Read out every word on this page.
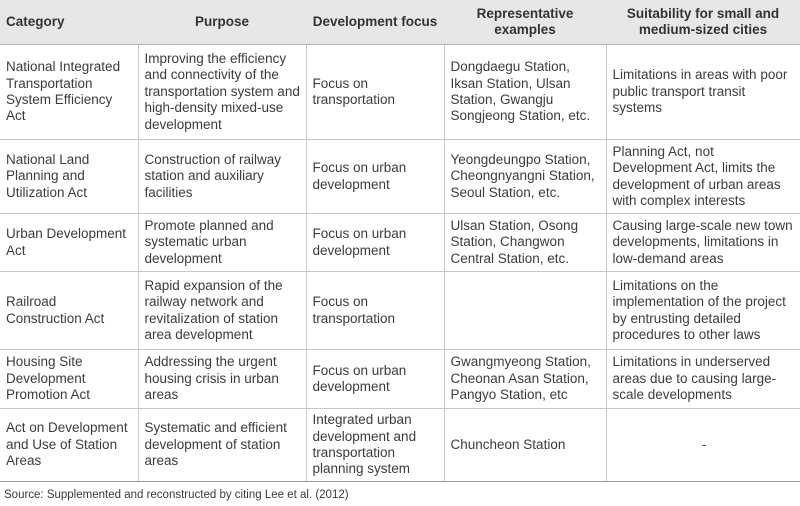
Category	Purpose	Development focus	Representative examples	Suitability for small and medium-sized cities
National Integrated Transportation System Efficiency Act	Improving the efficiency and connectivity of the transportation system and high-density mixed-use development	Focus on transportation	Dongdaegu Station, Iksan Station, Ulsan Station, Gwangju Songjeong Station, etc.	Limitations in areas with poor public transport transit systems
National Land Planning and Utilization Act	Construction of railway station and auxiliary facilities	Focus on urban development	Yeongdeungpo Station, Cheongnyangni Station, Seoul Station, etc.	Planning Act, not Development Act, limits the development of urban areas with complex interests
Urban Development Act	Promote planned and systematic urban development	Focus on urban development	Ulsan Station, Osong Station, Changwon Central Station, etc.	Causing large-scale new town developments, limitations in low-demand areas
Railroad Construction Act	Rapid expansion of the railway network and revitalization of station area development	Focus on transportation		Limitations on the implementation of the project by entrusting detailed procedures to other laws
Housing Site Development Promotion Act	Addressing the urgent housing crisis in urban areas	Focus on urban development	Gwangmyeong Station, Cheonan Asan Station, Pangyo Station, etc	Limitations in underserved areas due to causing large-scale developments
Act on Development and Use of Station Areas	Systematic and efficient development of station areas	Integrated urban development and transportation planning system	Chuncheon Station	-
Source: Supplemented and reconstructed by citing Lee et al. (2012)
